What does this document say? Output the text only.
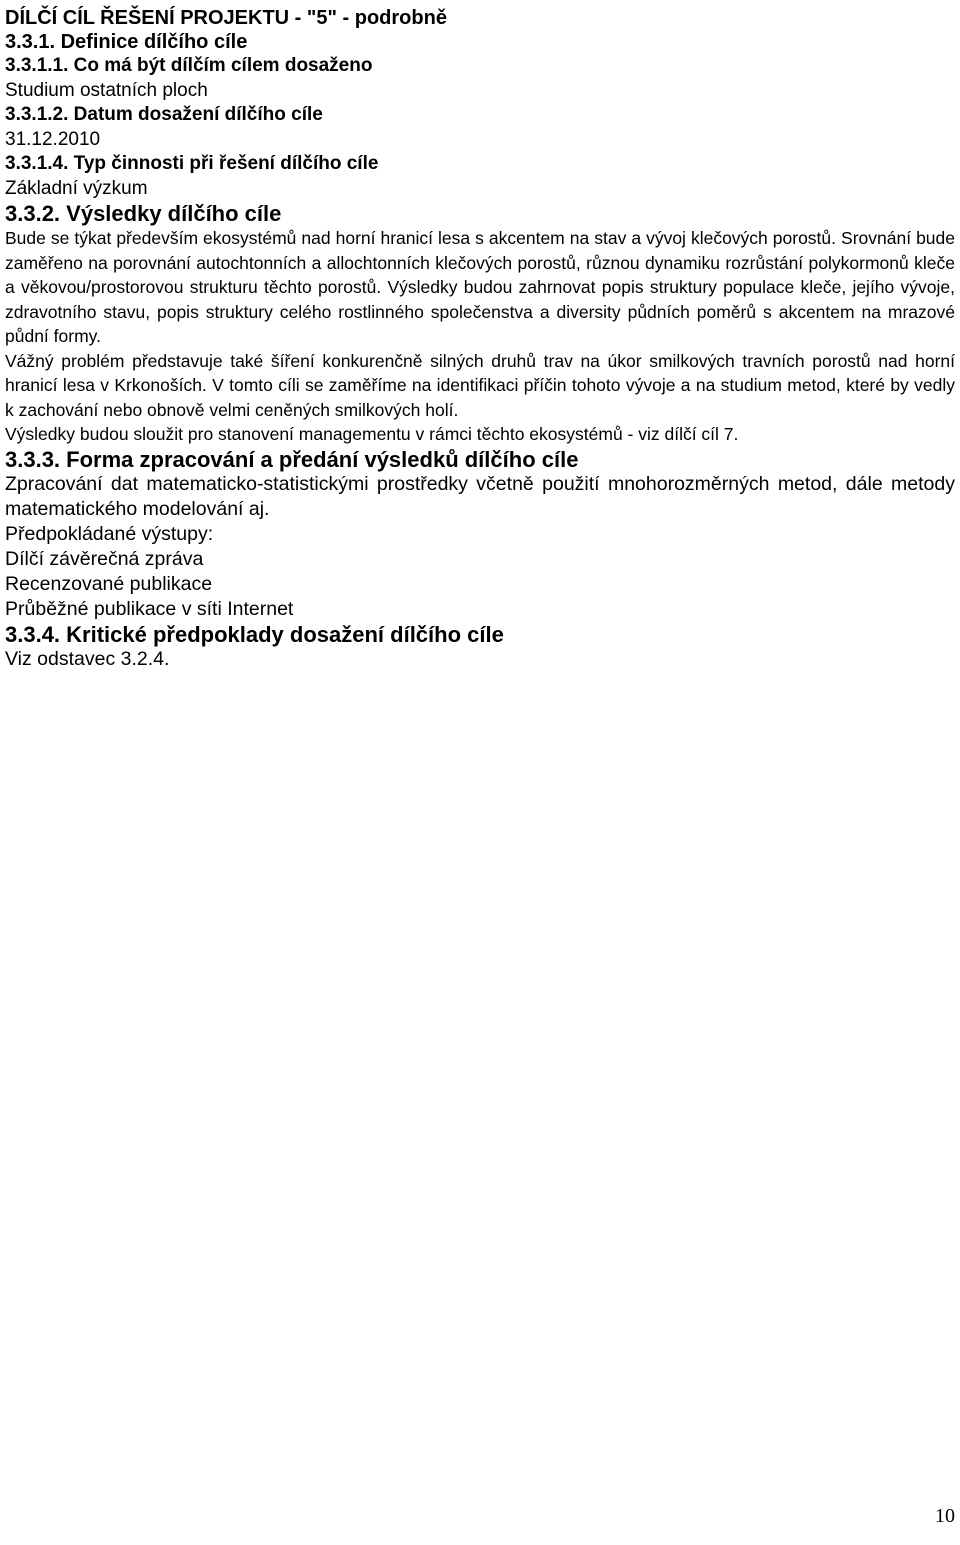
DÍLČÍ CÍL ŘEŠENÍ PROJEKTU - "5" - podrobně
3.3.1. Definice dílčího cíle
3.3.1.1. Co má být dílčím cílem dosaženo
Studium ostatních ploch
3.3.1.2. Datum dosažení dílčího cíle
31.12.2010
3.3.1.4. Typ činnosti při řešení dílčího cíle
Základní výzkum
3.3.2. Výsledky dílčího cíle

Bude se týkat především ekosystémů nad horní hranicí lesa s akcentem na stav a vývoj klečových porostů. Srovnání bude zaměřeno na porovnání autochtonních a allochtonních klečových porostů, různou dynamiku rozrůstání polykormonů kleče a věkovou/prostorovou strukturu těchto porostů. Výsledky budou zahrnovat popis struktury populace kleče, jejího vývoje, zdravotního stavu, popis struktury celého rostlinného společenstva a diversity půdních poměrů s akcentem na mrazové půdní formy.

Vážný problém představuje také šíření konkurenčně silných druhů trav na úkor smilkových travních porostů nad horní hranicí lesa v Krkonoších. V tomto cíli se zaměříme na identifikaci příčin tohoto vývoje a na studium metod, které by vedly k zachování nebo obnově velmi ceněných smilkových holí.

Výsledky budou sloužit pro stanovení managementu v rámci těchto ekosystémů - viz dílčí cíl 7.

3.3.3. Forma zpracování a předání výsledků dílčího cíle
Zpracování dat matematicko-statistickými prostředky včetně použití mnohorozměrných metod, dále metody matematického modelování aj.
Předpokládané výstupy:
Dílčí závěrečná zpráva
Recenzované publikace
Průběžné publikace v síti Internet
3.3.4. Kritické předpoklady dosažení dílčího cíle
Viz odstavec 3.2.4.
10
